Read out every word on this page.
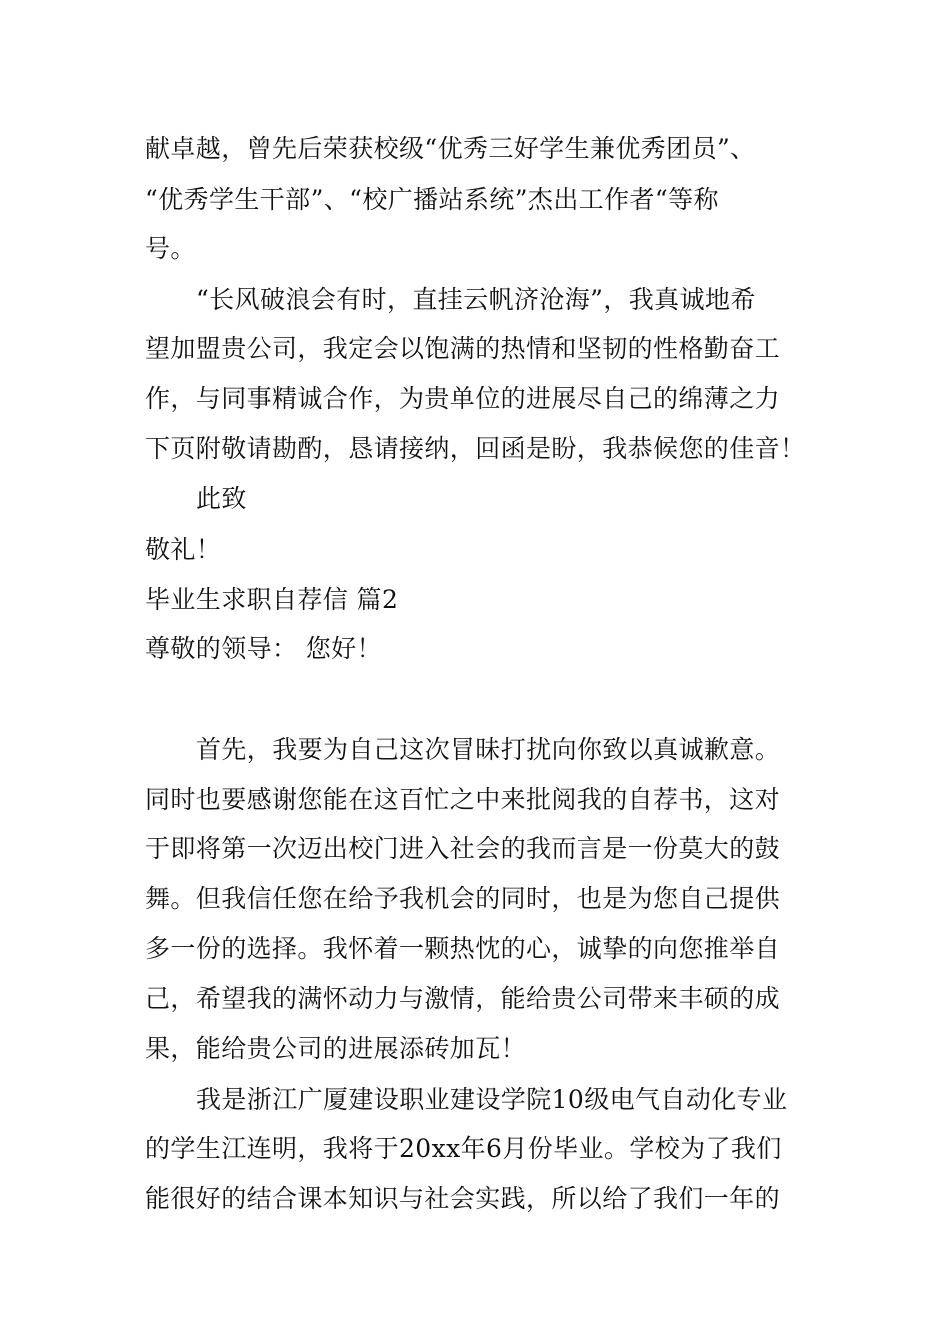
献卓越，曾先后荣获校级“优秀三好学生兼优秀团员”、
“优秀学生干部”、“校广播站系统”杰出工作者“等称
号。
“长风破浪会有时，直挂云帆济沧海”，我真诚地希
望加盟贵公司，我定会以饱满的热情和坚韧的性格勤奋工
作，与同事精诚合作，为贵单位的进展尽自己的绵薄之力
下页附敬请勘酌，恳请接纳，回函是盼，我恭候您的佳音！
此致
敬礼！
毕业生求职自荐信 篇2
尊敬的领导： 您好！
首先，我要为自己这次冒昧打扰向你致以真诚歉意。
同时也要感谢您能在这百忙之中来批阅我的自荐书，这对
于即将第一次迈出校门进入社会的我而言是一份莫大的鼓
舞。但我信任您在给予我机会的同时，也是为您自己提供
多一份的选择。我怀着一颗热忱的心，诚挚的向您推举自
己，希望我的满怀动力与激情，能给贵公司带来丰硕的成
果，能给贵公司的进展添砖加瓦！
我是浙江广厦建设职业建设学院10级电气自动化专业
的学生江连明，我将于20xx年6月份毕业。学校为了我们
能很好的结合课本知识与社会实践，所以给了我们一年的
